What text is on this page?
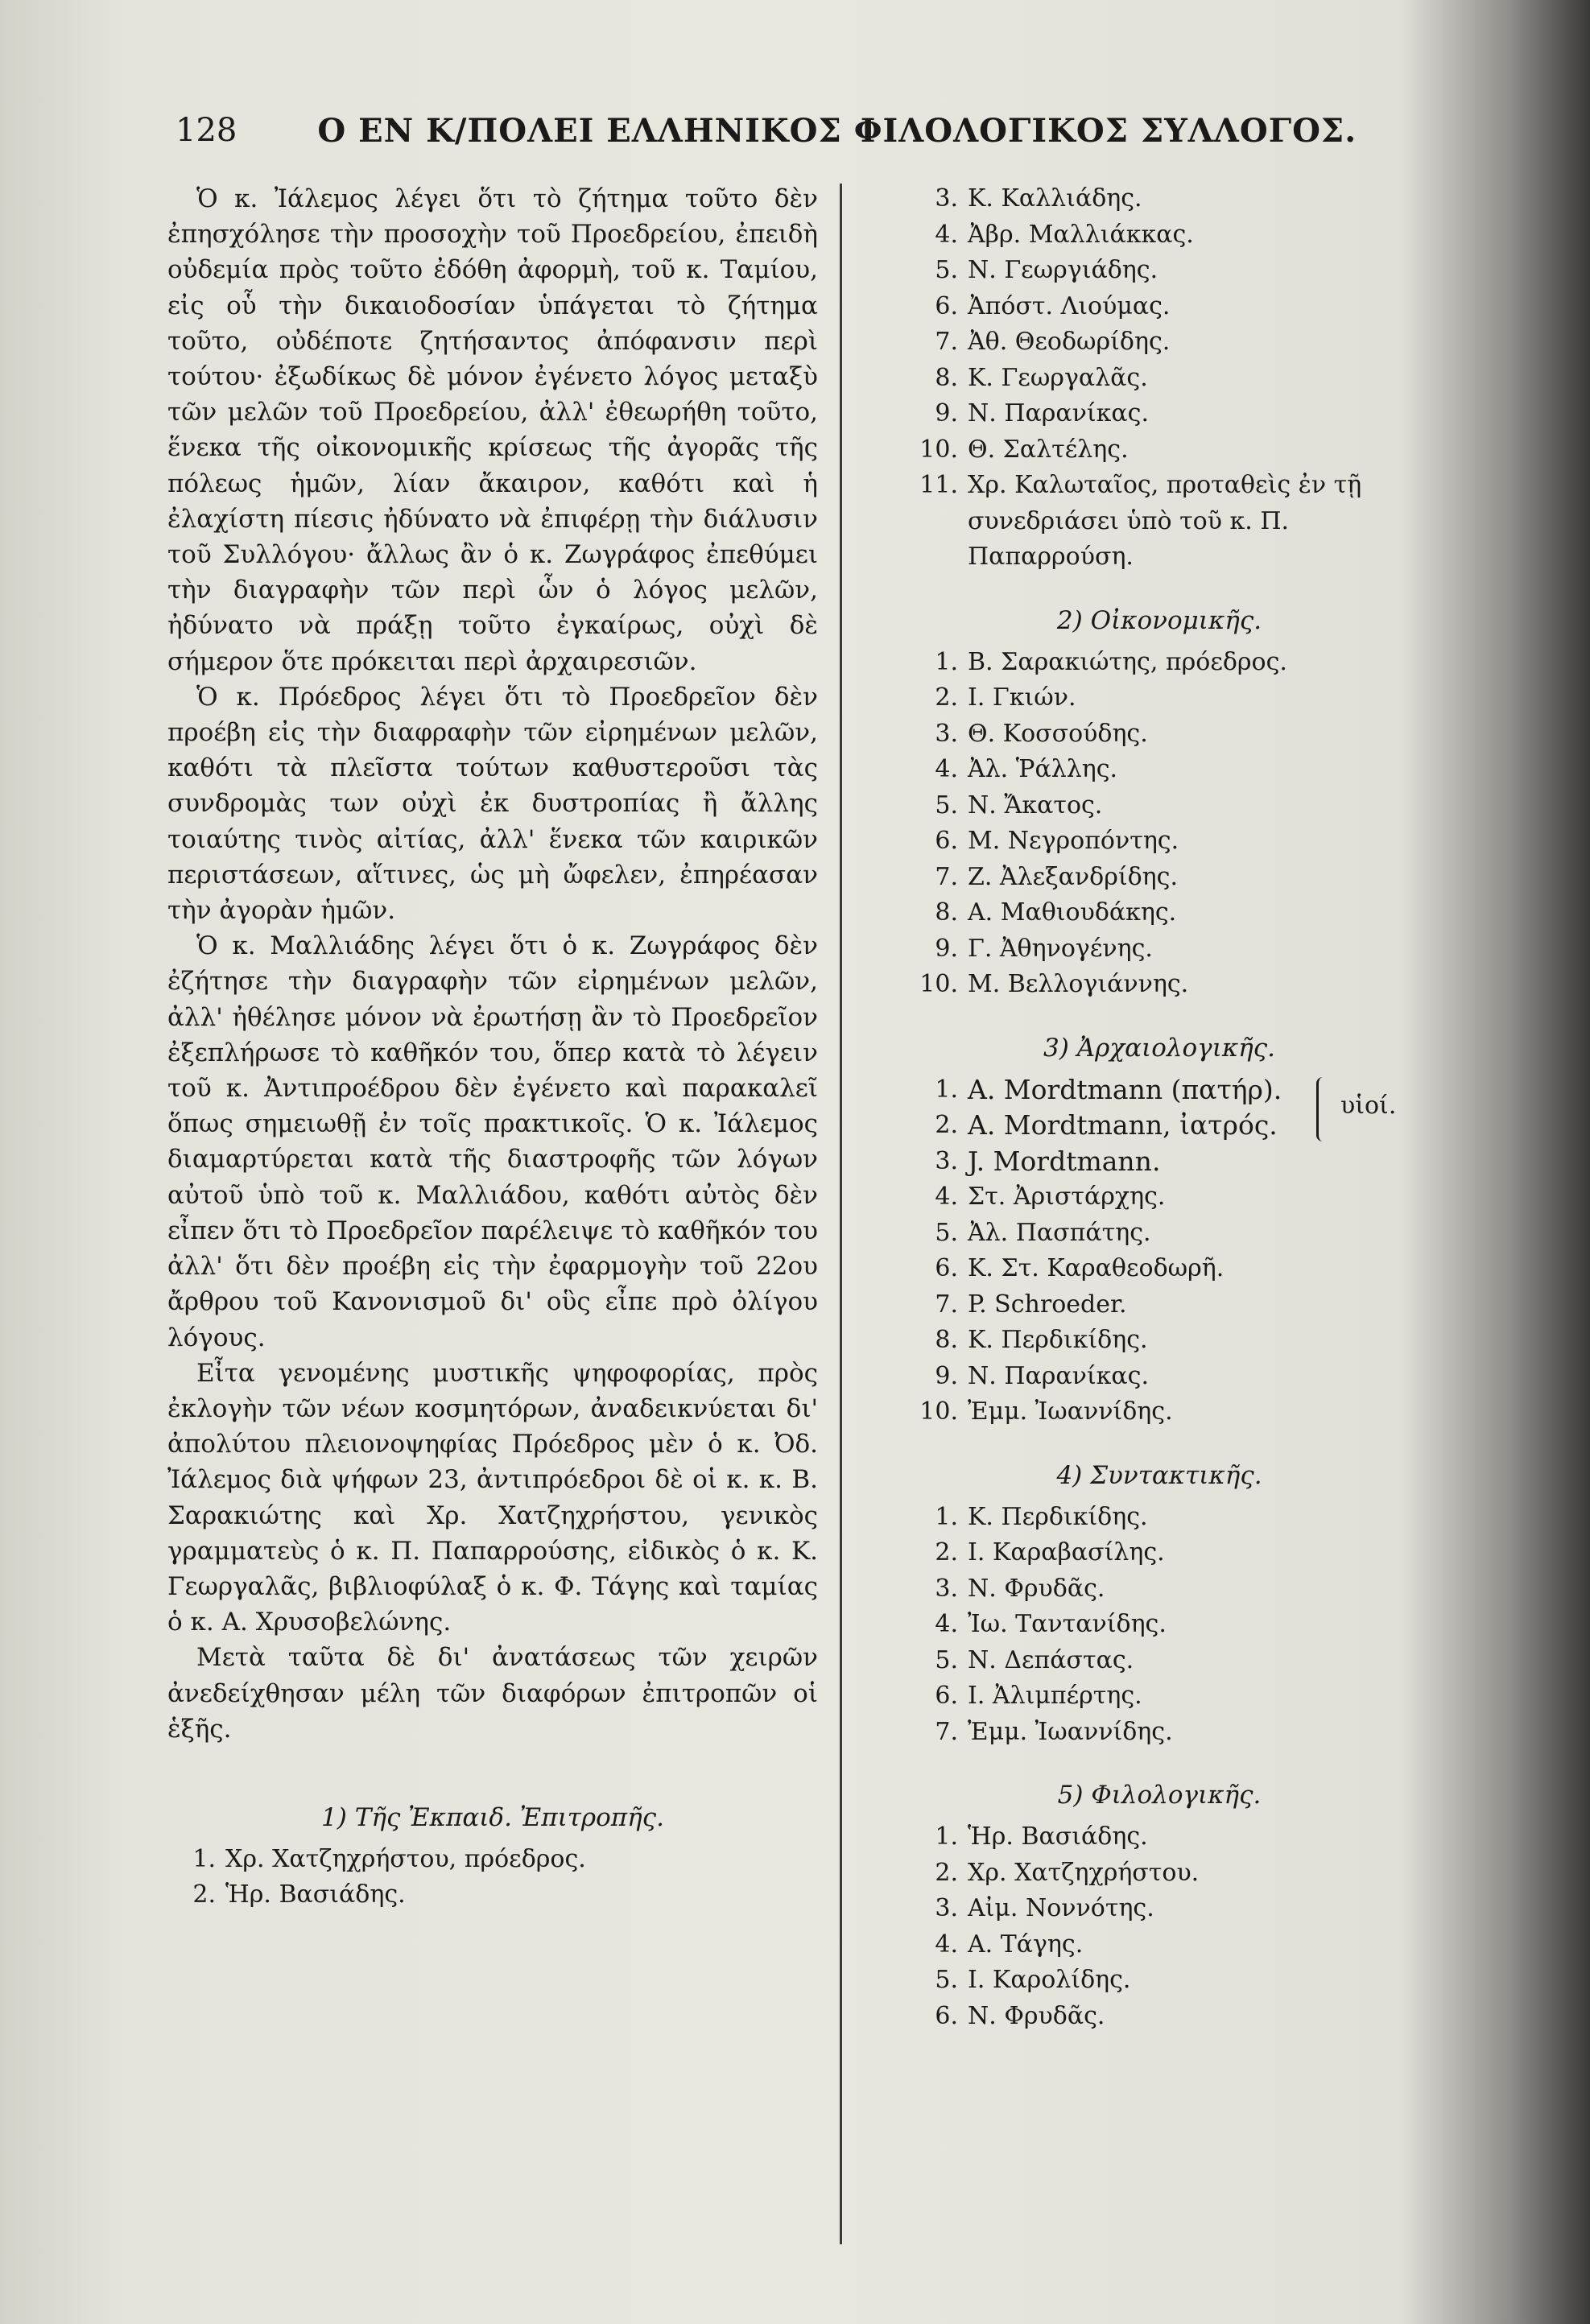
128	Ο ΕΝ Κ/ΠΟΛΕΙ ΕΛΛΗΝΙΚΟΣ ΦΙΛΟΛΟΓΙΚΟΣ ΣΥΛΛΟΓΟΣ.

Ὁ κ. Ἰάλεμος λέγει ὅτι τὸ ζήτημα τοῦτο δὲν ἐπησχόλησε τὴν προσοχὴν τοῦ Προεδρείου, ἐπειδὴ οὐδεμία πρὸς τοῦτο ἐδόθη ἀφορμὴ, τοῦ κ. Ταμίου, εἰς οὗ τὴν δικαιοδοσίαν ὑπάγεται τὸ ζήτημα τοῦτο, οὐδέποτε ζητήσαντος ἀπόφανσιν περὶ τούτου· ἐξωδίκως δὲ μόνον ἐγένετο λόγος μεταξὺ τῶν μελῶν τοῦ Προεδρείου, ἀλλ' ἐθεωρήθη τοῦτο, ἕνεκα τῆς οἰκονομικῆς κρίσεως τῆς ἀγορᾶς τῆς πόλεως ἡμῶν, λίαν ἄκαιρον, καθότι καὶ ἡ ἐλαχίστη πίεσις ἠδύνατο νὰ ἐπιφέρῃ τὴν διάλυσιν τοῦ Συλλόγου· ἄλλως ἂν ὁ κ. Ζωγράφος ἐπεθύμει τὴν διαγραφὴν τῶν περὶ ὧν ὁ λόγος μελῶν, ἠδύνατο νὰ πράξῃ τοῦτο ἐγκαίρως, οὐχὶ δὲ σήμερον ὅτε πρόκειται περὶ ἀρχαιρεσιῶν.

Ὁ κ. Πρόεδρος λέγει ὅτι τὸ Προεδρεῖον δὲν προέβη εἰς τὴν διαφραφὴν τῶν εἰρημένων μελῶν, καθότι τὰ πλεῖστα τούτων καθυστεροῦσι τὰς συνδρομὰς των οὐχὶ ἐκ δυστροπίας ἢ ἄλλης τοιαύτης τινὸς αἰτίας, ἀλλ' ἕνεκα τῶν καιρικῶν περιστάσεων, αἵτινες, ὡς μὴ ὤφελεν, ἐπηρέασαν τὴν ἀγορὰν ἡμῶν.

Ὁ κ. Μαλλιάδης λέγει ὅτι ὁ κ. Ζωγράφος δὲν ἐζήτησε τὴν διαγραφὴν τῶν εἰρημένων μελῶν, ἀλλ' ἠθέλησε μόνον νὰ ἐρωτήσῃ ἂν τὸ Προεδρεῖον ἐξεπλήρωσε τὸ καθῆκόν του, ὅπερ κατὰ τὸ λέγειν τοῦ κ. Ἀντιπροέδρου δὲν ἐγένετο καὶ παρακαλεῖ ὅπως σημειωθῇ ἐν τοῖς πρακτικοῖς. Ὁ κ. Ἰάλεμος διαμαρτύρεται κατὰ τῆς διαστροφῆς τῶν λόγων αὐτοῦ ὑπὸ τοῦ κ. Μαλλιάδου, καθότι αὐτὸς δὲν εἶπεν ὅτι τὸ Προεδρεῖον παρέλειψε τὸ καθῆκόν του ἀλλ' ὅτι δὲν προέβη εἰς τὴν ἐφαρμογὴν τοῦ 22ου ἄρθρου τοῦ Κανονισμοῦ δι' οὓς εἶπε πρὸ ὀλίγου λόγους.

Εἶτα γενομένης μυστικῆς ψηφοφορίας, πρὸς ἐκλογὴν τῶν νέων κοσμητόρων, ἀναδεικνύεται δι' ἀπολύτου πλειονοψηφίας Πρόεδρος μὲν ὁ κ. Ὀδ. Ἰάλεμος διὰ ψήφων 23, ἀντιπρόεδροι δὲ οἱ κ. κ. Β. Σαρακιώτης καὶ Χρ. Χατζηχρήστου, γενικὸς γραμματεὺς ὁ κ. Π. Παπαρρούσης, εἰδικὸς ὁ κ. Κ. Γεωργαλᾶς, βιβλιοφύλαξ ὁ κ. Φ. Τάγης καὶ ταμίας ὁ κ. Α. Χρυσοβελώνης.

Μετὰ ταῦτα δὲ δι' ἀνατάσεως τῶν χειρῶν ἀνεδείχθησαν μέλη τῶν διαφόρων ἐπιτροπῶν οἱ ἑξῆς.

1) Τῆς Ἐκπαιδ. Ἐπιτροπῆς.
1. Χρ. Χατζηχρήστου, πρόεδρος.
2. Ἡρ. Βασιάδης.
3. Κ. Καλλιάδης.
4. Ἀβρ. Μαλλιάκκας.
5. Ν. Γεωργιάδης.
6. Ἀπόστ. Λιούμας.
7. Ἀθ. Θεοδωρίδης.
8. Κ. Γεωργαλᾶς.
9. Ν. Παρανίκας.
10. Θ. Σαλτέλης.
11. Χρ. Καλωταῖος, προταθεὶς ἐν τῇ συνεδριάσει ὑπὸ τοῦ κ. Π. Παπαρρούση.
2) Οἰκονομικῆς.
1. Β. Σαρακιώτης, πρόεδρος.
2. Ι. Γκιών.
3. Θ. Κοσσούδης.
4. Ἀλ. Ῥάλλης.
5. Ν. Ἄκατος.
6. Μ. Νεγροπόντης.
7. Ζ. Ἀλεξανδρίδης.
8. Α. Μαθιουδάκης.
9. Γ. Ἀθηνογένης.
10. Μ. Βελλογιάννης.
3) Ἀρχαιολογικῆς.
1. A. Mordtmann (πατήρ).
2. A. Mordtmann, ἰατρός.
3. J. Mordtmann.
υἱοί.
4. Στ. Ἀριστάρχης.
5. Ἀλ. Πασπάτης.
6. Κ. Στ. Καραθεοδωρῆ.
7. P. Schroeder.
8. Κ. Περδικίδης.
9. Ν. Παρανίκας.
10. Ἐμμ. Ἰωαννίδης.
4) Συντακτικῆς.
1. Κ. Περδικίδης.
2. Ι. Καραβασίλης.
3. Ν. Φρυδᾶς.
4. Ἰω. Ταντανίδης.
5. Ν. Δεπάστας.
6. Ι. Ἀλιμπέρτης.
7. Ἐμμ. Ἰωαννίδης.
5) Φιλολογικῆς.
1. Ἡρ. Βασιάδης.
2. Χρ. Χατζηχρήστου.
3. Αἰμ. Νοννότης.
4. Α. Τάγης.
5. Ι. Καρολίδης.
6. Ν. Φρυδᾶς.
